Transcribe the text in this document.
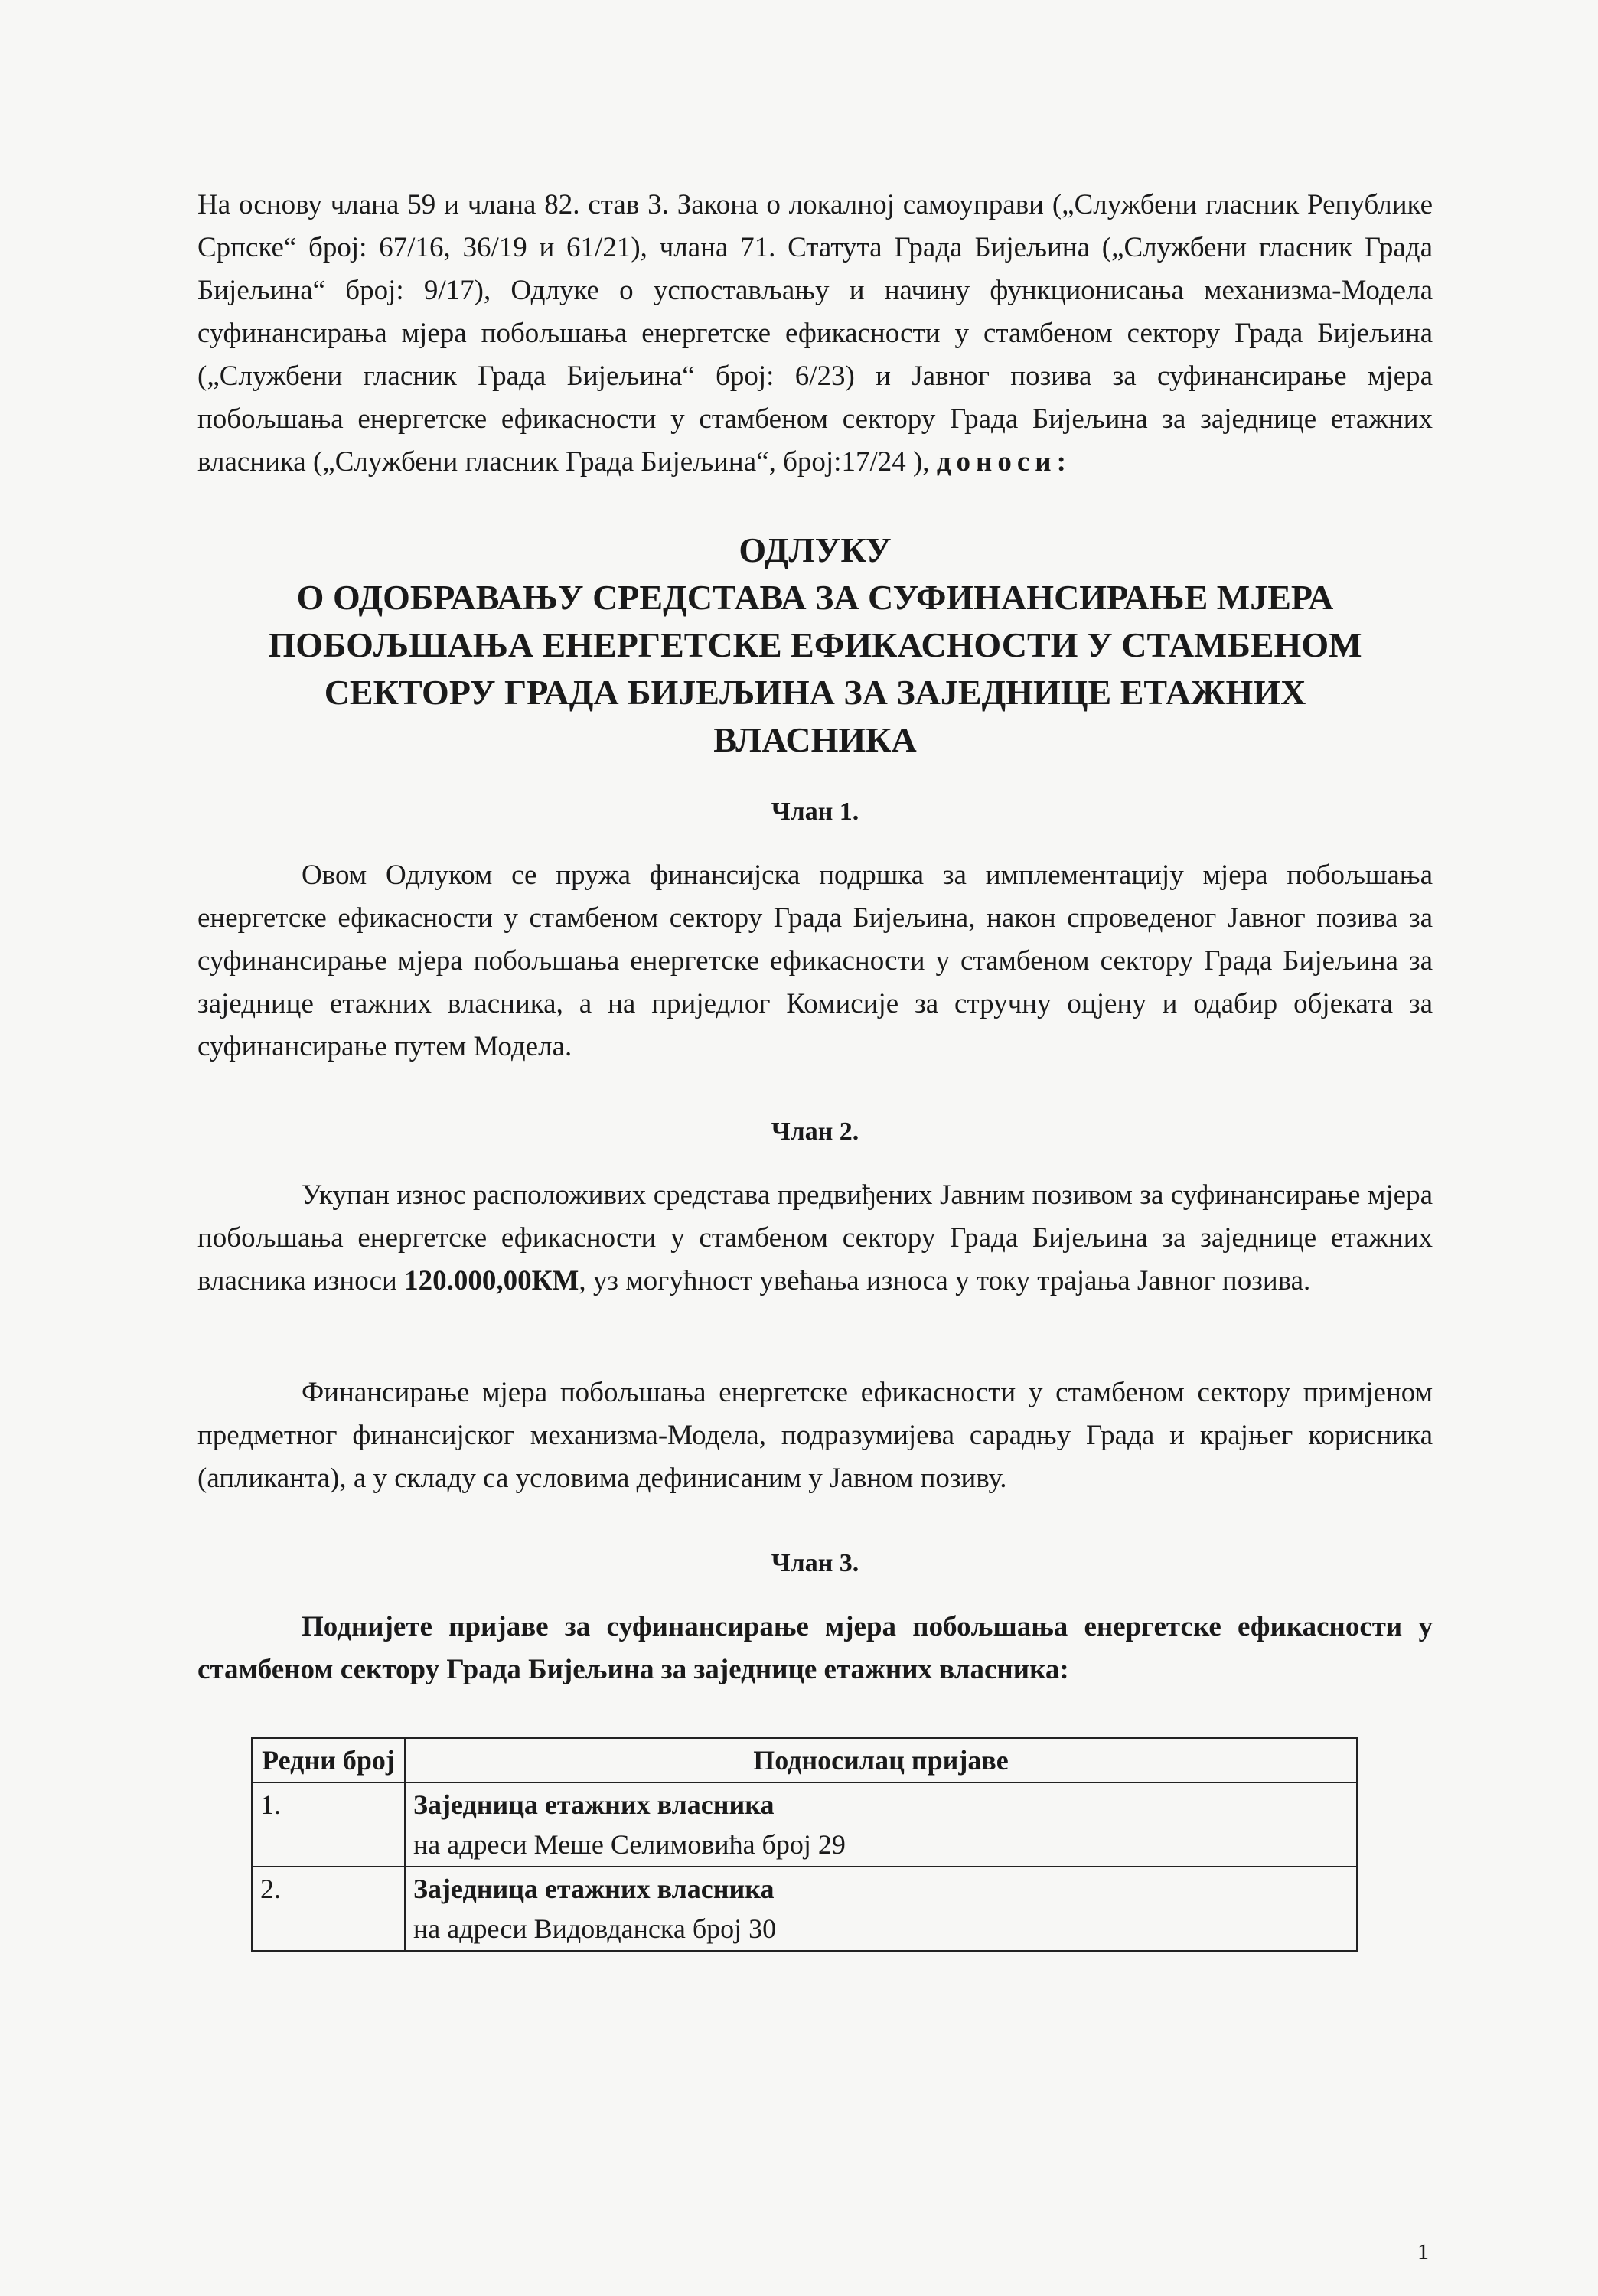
На основу члана 59 и члана 82. став 3. Закона о локалној самоуправи („Службени гласник Републике Српске“ број: 67/16, 36/19 и 61/21), члана 71. Статута Града Бијељина („Службени гласник Града Бијељина“ број: 9/17), Одлуке о успостављању и начину функционисања механизма-Модела суфинансирања мјера побољшања енергетске ефикасности у стамбеном сектору Града Бијељина („Службени гласник Града Бијељина“ број: 6/23) и Јавног позива за суфинансирање мјера побољшања енергетске ефикасности у стамбеном сектору Града Бијељина за заједнице етажних власника („Службени гласник Града Бијељина“, број:17/24 ), доноси:

ОДЛУКУ
О ОДОБРАВАЊУ СРЕДСТАВА ЗА СУФИНАНСИРАЊЕ МЈЕРА
ПОБОЉШАЊА ЕНЕРГЕТСКЕ ЕФИКАСНОСТИ У СТАМБЕНОМ
СЕКТОРУ ГРАДА БИЈЕЉИНА ЗА ЗАЈЕДНИЦЕ ЕТАЖНИХ
ВЛАСНИКА
Члан 1.

Овом Одлуком се пружа финансијска подршка за имплементацију мјера побољшања енергетске ефикасности у стамбеном сектору Града Бијељина, након спроведеног Јавног позива за суфинансирање мјера побољшања енергетске ефикасности у стамбеном сектору Града Бијељина за заједнице етажних власника, а на приједлог Комисије за стручну оцјену и одабир објеката за суфинансирање путем Модела.

Члан 2.

Укупан износ расположивих средстава предвиђених Јавним позивом за суфинансирање мјера побољшања енергетске ефикасности у стамбеном сектору Града Бијељина за заједнице етажних власника износи 120.000,00КМ, уз могућност увећања износа у току трајања Јавног позива.

Финансирање мјера побољшања енергетске ефикасности у стамбеном сектору примјеном предметног финансијског механизма-Модела, подразумијева сарадњу Града и крајњег корисника (апликанта), а у складу са условима дефинисаним у Јавном позиву.

Члан 3.

Поднијете пријаве за суфинансирање мјера побољшања енергетске ефикасности у стамбеном сектору Града Бијељина за заједнице етажних власника:

Редни број	Подносилац пријаве
1.	Заједница етажних власника
на адреси Меше Селимовића број 29

2.	Заједница етажних власника
на адреси Видовданска број 30
1
